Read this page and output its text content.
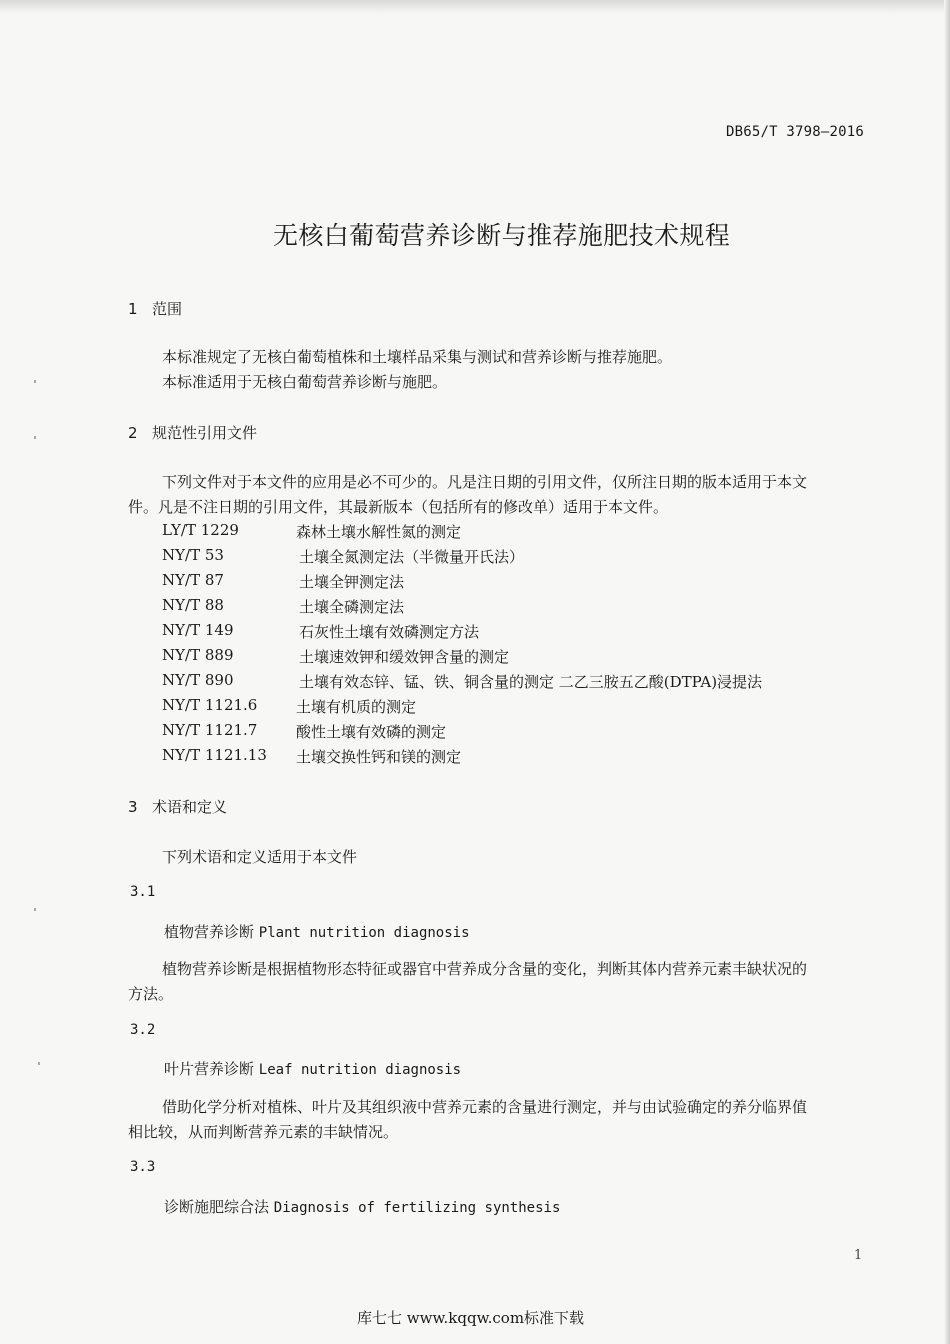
DB65/T 3798—2016
无核白葡萄营养诊断与推荐施肥技术规程
1 范围
本标准规定了无核白葡萄植株和土壤样品采集与测试和营养诊断与推荐施肥。
本标准适用于无核白葡萄营养诊断与施肥。
2 规范性引用文件
下列文件对于本文件的应用是必不可少的。凡是注日期的引用文件，仅所注日期的版本适用于本文
件。凡是不注日期的引用文件，其最新版本（包括所有的修改单）适用于本文件。
LY/T 1229	森林土壤水解性氮的测定
NY/T 53	土壤全氮测定法（半微量开氏法）
NY/T 87	土壤全钾测定法
NY/T 88	土壤全磷测定法
NY/T 149	石灰性土壤有效磷测定方法
NY/T 889	土壤速效钾和缓效钾含量的测定
NY/T 890	土壤有效态锌、锰、铁、铜含量的测定 二乙三胺五乙酸(DTPA)浸提法
NY/T 1121.6	土壤有机质的测定
NY/T 1121.7	酸性土壤有效磷的测定
NY/T 1121.13 土壤交换性钙和镁的测定
3 术语和定义
下列术语和定义适用于本文件
3.1
植物营养诊断 Plant nutrition diagnosis
植物营养诊断是根据植物形态特征或器官中营养成分含量的变化，判断其体内营养元素丰缺状况的
方法。
3.2
叶片营养诊断 Leaf nutrition diagnosis
借助化学分析对植株、叶片及其组织液中营养元素的含量进行测定，并与由试验确定的养分临界值
相比较，从而判断营养元素的丰缺情况。
3.3
诊断施肥综合法 Diagnosis of fertilizing synthesis
1
库七七 www.kqqw.com标准下载
